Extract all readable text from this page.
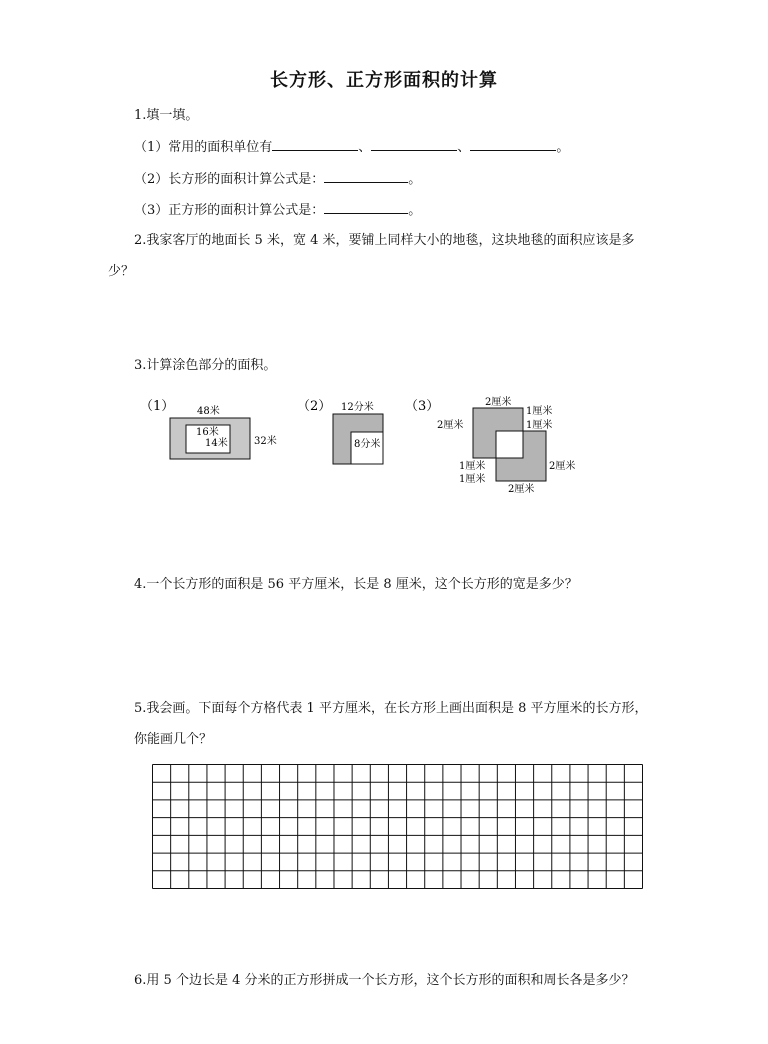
长方形、正方形面积的计算
1.填一填。
（1）常用的面积单位有	、	、	。
（2）长方形的面积计算公式是：	。
（3）正方形的面积计算公式是：	。
2.我家客厅的地面长 5 米，宽 4 米，要铺上同样大小的地毯，这块地毯的面积应该是多
少？
3.计算涂色部分的面积。
（1） 48米
32米
16米
14米
（2） 12分米
8分米
（3）	2厘米
2厘米
1厘米
1厘米
2厘米
1厘米
1厘米
2厘米
4.一个长方形的面积是 56 平方厘米，长是 8 厘米，这个长方形的宽是多少？
5.我会画。下面每个方格代表 1 平方厘米，在长方形上画出面积是 8 平方厘米的长方形，
你能画几个？
6.用 5 个边长是 4 分米的正方形拼成一个长方形，这个长方形的面积和周长各是多少？
